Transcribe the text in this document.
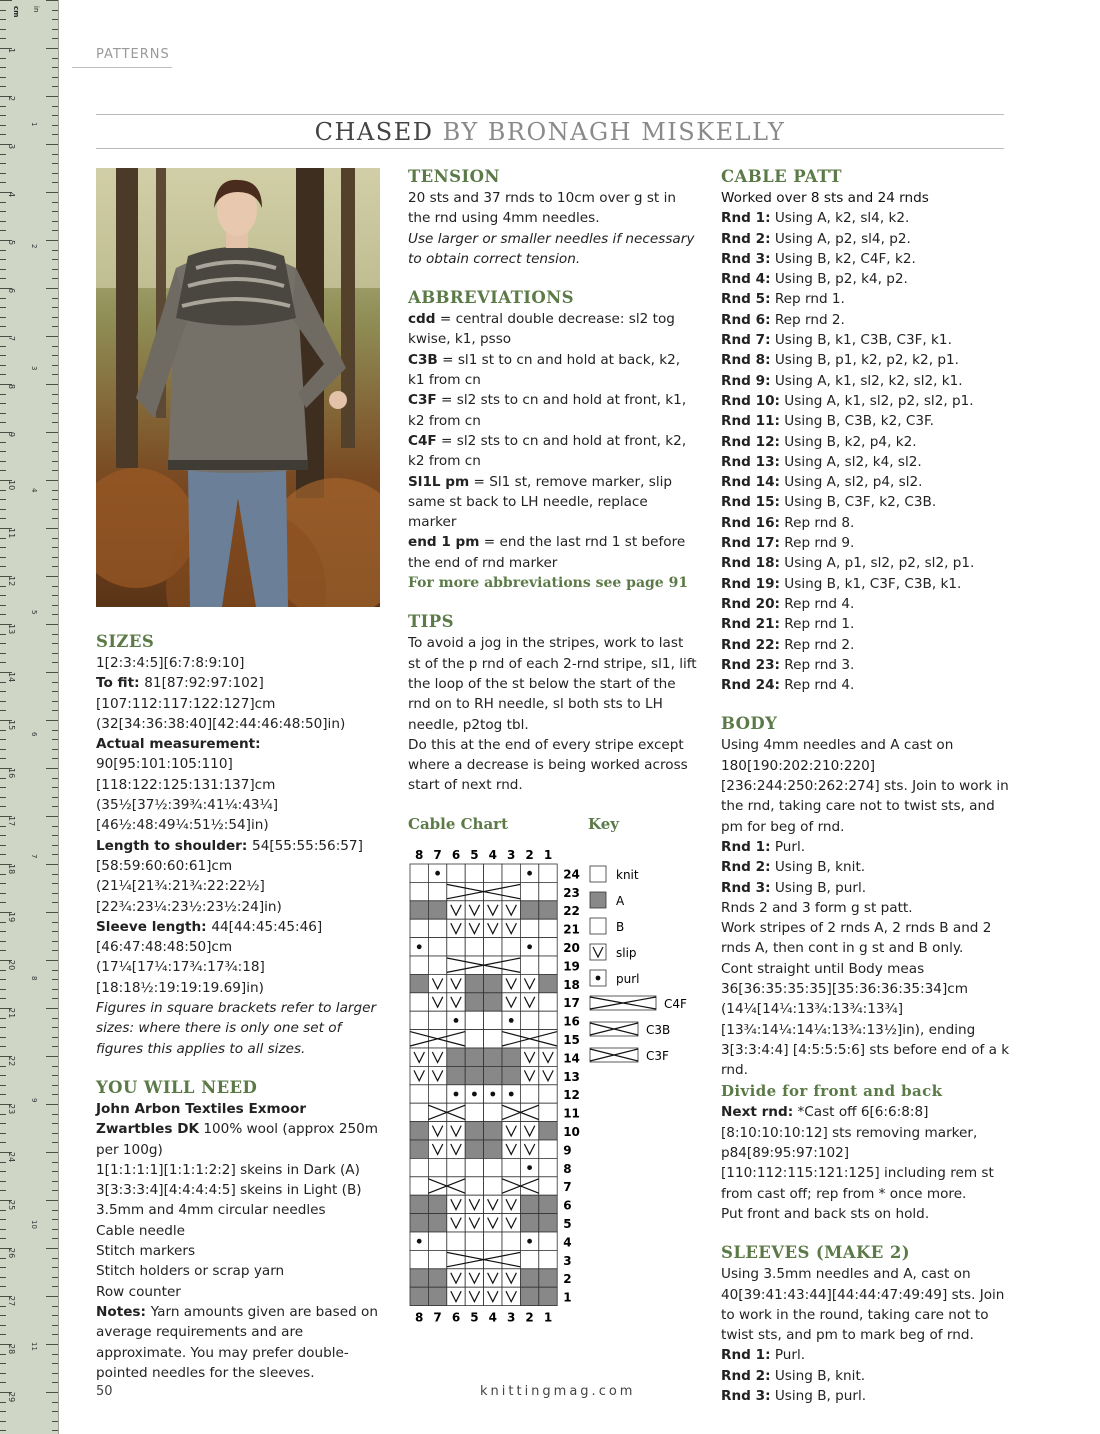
cm in
1
2
3
4
5
6
7
8
9
10
11
12
13
14
15
16
17
18
19
20
21
22
23
24
25
26
27
28
29
1
2
3
4
5
6
7
8
9
10
11
PATTERNS
CHASED BY BRONAGH MISKELLY

SIZES

1[2:3:4:5][6:7:8:9:10]

To fit: 81[87:92:97:102][107:112:117:122:127]cm (32[34:36:38:40][42:44:46:48:50]in)

Actual measurement: 90[95:101:105:110] [118:122:125:131:137]cm (35½[37½:39¾:41¼:43¼] [46½:48:49¼:51½:54]in)

Length to shoulder: 54[55:55:56:57] [58:59:60:60:61]cm (21¼[21¾:21¾:22:22½] [22¾:23¼:23½:23½:24]in)

Sleeve length: 44[44:45:45:46] [46:47:48:48:50]cm (17¼[17¼:17¾:17¾:18] [18:18½:19:19:19.69]in)

Figures in square brackets refer to larger sizes: where there is only one set of figures this applies to all sizes.

YOU WILL NEED

John Arbon Textiles Exmoor Zwartbles DK 100% wool (approx 250m per 100g)

1[1:1:1:1][1:1:1:2:2] skeins in Dark (A)

3[3:3:3:4][4:4:4:4:5] skeins in Light (B)

3.5mm and 4mm circular needles

Cable needle

Stitch markers

Stitch holders or scrap yarn

Row counter

Notes: Yarn amounts given are based on average requirements and are approximate. You may prefer double-pointed needles for the sleeves.

TENSION

20 sts and 37 rnds to 10cm over g st in the rnd using 4mm needles.

Use larger or smaller needles if necessary to obtain correct tension.

ABBREVIATIONS

cdd = central double decrease: sl2 tog kwise, k1, psso

C3B = sl1 st to cn and hold at back, k2, k1 from cn

C3F = sl2 sts to cn and hold at front, k1, k2 from cn

C4F = sl2 sts to cn and hold at front, k2, k2 from cn

Sl1L pm = Sl1 st, remove marker, slip same st back to LH needle, replace marker

end 1 pm = end the last rnd 1 st before the end of rnd marker

For more abbreviations see page 91

TIPS

To avoid a jog in the stripes, work to last st of the p rnd of each 2-rnd stripe, sl1, lift the loop of the st below the start of the rnd on to RH needle, sl both sts to LH needle, p2tog tbl.

Do this at the end of every stripe except where a decrease is being worked across start of next rnd.

Cable Chart	Key
8
8
7
7
6
6
5
5
4
4
3
3
2
2
1
1
24
23
22
21
20
19
18
17
16
15
14
13
12
11
10
9
8
7
6
5
4
3
2
1
knit
A
B
slip
purl
C4F
C3B
C3F

CABLE PATT

Worked over 8 sts and 24 rnds

Rnd 1: Using A, k2, sl4, k2.

Rnd 2: Using A, p2, sl4, p2.

Rnd 3: Using B, k2, C4F, k2.

Rnd 4: Using B, p2, k4, p2.

Rnd 5: Rep rnd 1.

Rnd 6: Rep rnd 2.

Rnd 7: Using B, k1, C3B, C3F, k1.

Rnd 8: Using B, p1, k2, p2, k2, p1.

Rnd 9: Using A, k1, sl2, k2, sl2, k1.

Rnd 10: Using A, k1, sl2, p2, sl2, p1.

Rnd 11: Using B, C3B, k2, C3F.

Rnd 12: Using B, k2, p4, k2.

Rnd 13: Using A, sl2, k4, sl2.

Rnd 14: Using A, sl2, p4, sl2.

Rnd 15: Using B, C3F, k2, C3B.

Rnd 16: Rep rnd 8.

Rnd 17: Rep rnd 9.

Rnd 18: Using A, p1, sl2, p2, sl2, p1.

Rnd 19: Using B, k1, C3F, C3B, k1.

Rnd 20: Rep rnd 4.

Rnd 21: Rep rnd 1.

Rnd 22: Rep rnd 2.

Rnd 23: Rep rnd 3.

Rnd 24: Rep rnd 4.

BODY

Using 4mm needles and A cast on 180[190:202:210:220][236:244:250:262:274] sts. Join to work in the rnd, taking care not to twist sts, and pm for beg of rnd.

Rnd 1: Purl.

Rnd 2: Using B, knit.

Rnd 3: Using B, purl.

Rnds 2 and 3 form g st patt.

Work stripes of 2 rnds A, 2 rnds B and 2 rnds A, then cont in g st and B only.

Cont straight until Body meas 36[36:35:35:35][35:36:36:35:34]cm (14¼[14¼:13¾:13¾:13¾] [13¾:14¼:14¼:13¾:13½]in), ending 3[3:3:4:4] [4:5:5:5:6] sts before end of a k rnd.

Divide for front and back

Next rnd: *Cast off 6[6:6:8:8][8:10:10:10:12] sts removing marker, p84[89:95:97:102] [110:112:115:121:125] including rem st from cast off; rep from * once more.

Put front and back sts on hold.

SLEEVES (MAKE 2)

Using 3.5mm needles and A, cast on 40[39:41:43:44][44:44:47:49:49] sts. Join to work in the round, taking care not to twist sts, and pm to mark beg of rnd.

Rnd 1: Purl.

Rnd 2: Using B, knit.

Rnd 3: Using B, purl.

50	knittingmag.com
